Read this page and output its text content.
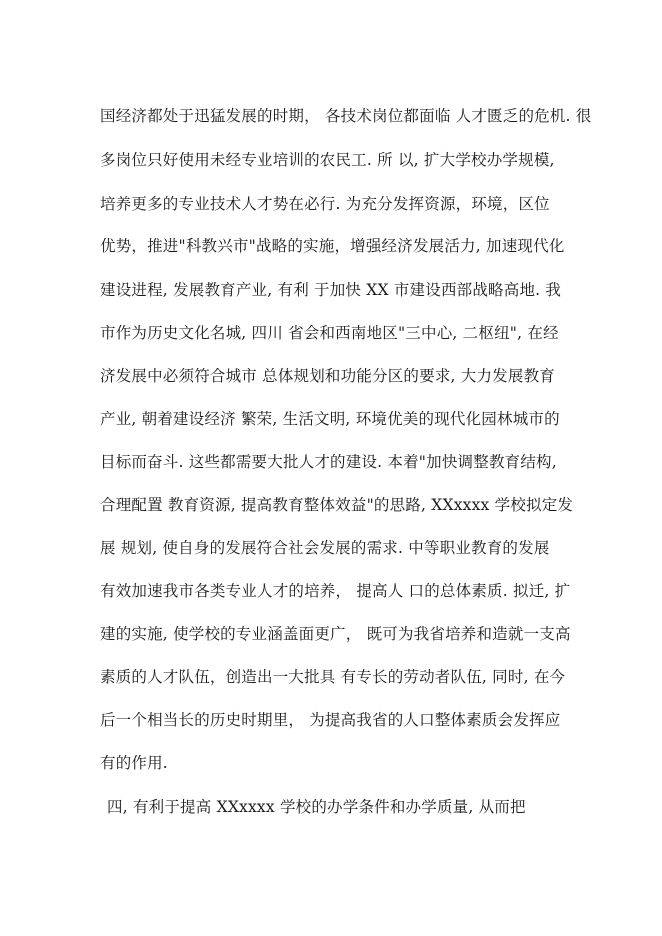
国经济都处于迅猛发展的时期， 各技术岗位都面临 人才匮乏的危机. 很
多岗位只好使用未经专业培训的农民工. 所 以, 扩大学校办学规模,
培养更多的专业技术人才势在必行. 为充分发挥资源，环境，区位
优势，推进"科教兴市"战略的实施，增强经济发展活力, 加速现代化
建设进程, 发展教育产业, 有利 于加快 XX 市建设西部战略高地. 我
市作为历史文化名城, 四川 省会和西南地区"三中心, 二枢纽", 在经
济发展中必须符合城市 总体规划和功能分区的要求, 大力发展教育
产业, 朝着建设经济 繁荣, 生活文明, 环境优美的现代化园林城市的
目标而奋斗. 这些都需要大批人才的建设. 本着"加快调整教育结构,
合理配置 教育资源, 提高教育整体效益"的思路, XXxxxx 学校拟定发
展 规划, 使自身的发展符合社会发展的需求. 中等职业教育的发展
有效加速我市各类专业人才的培养， 提高人 口的总体素质. 拟迁, 扩
建的实施, 使学校的专业涵盖面更广， 既可为我省培养和造就一支高
素质的人才队伍，创造出一大批具 有专长的劳动者队伍, 同时, 在今
后一个相当长的历史时期里， 为提高我省的人口整体素质会发挥应
有的作用.
四, 有利于提高 XXxxxx 学校的办学条件和办学质量, 从而把
